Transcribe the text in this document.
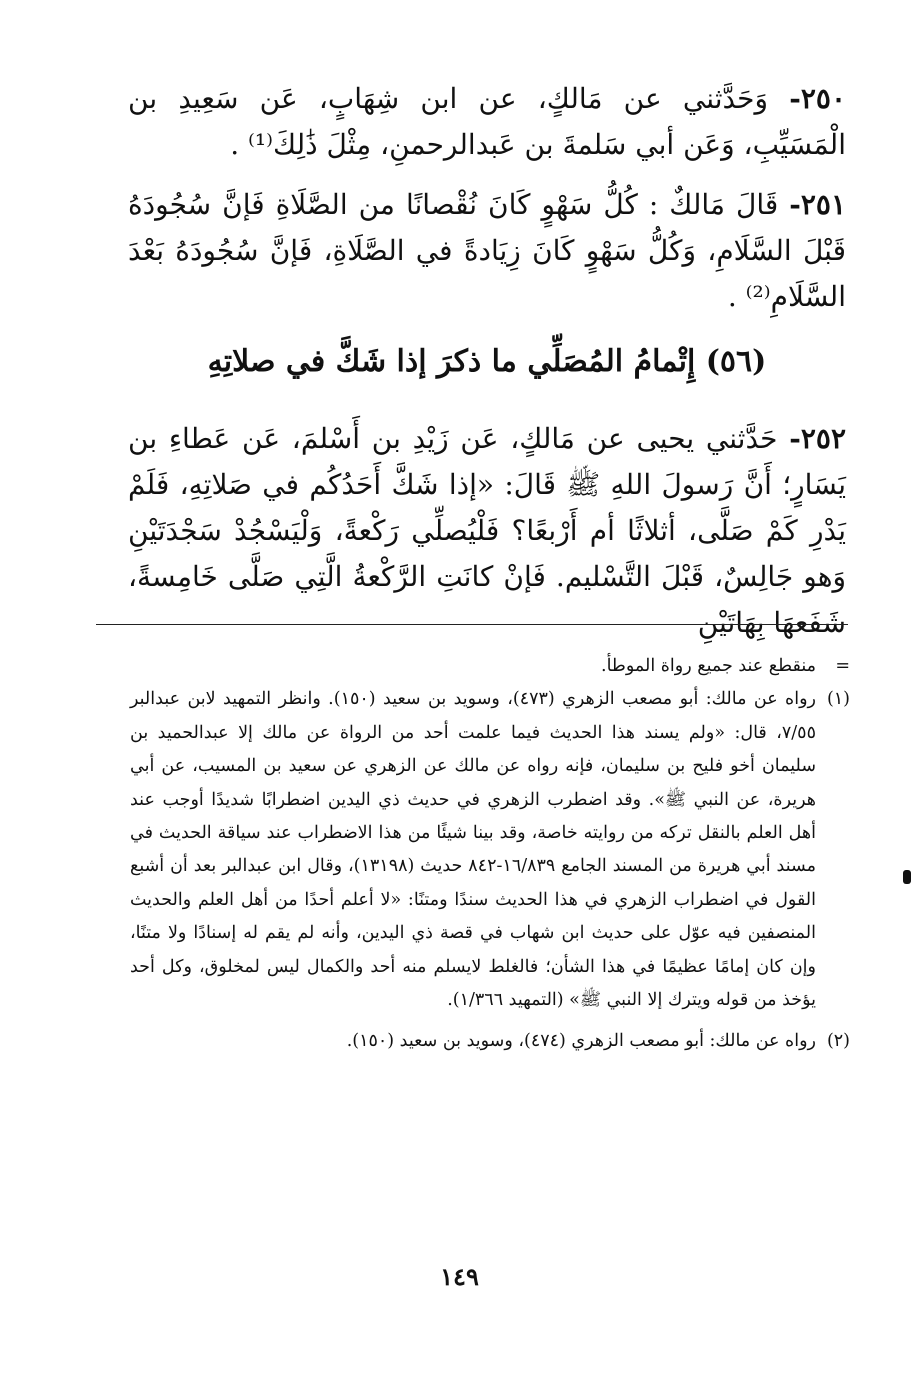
٢٥٠- وَحَدَّثني عن مَالكٍ، عن ابن شِهَابٍ، عَن سَعِيدِ بن الْمَسَيِّبِ، وَعَن أبي سَلمةَ بن عَبدالرحمنِ، مِثْلَ ذَٰلِكَ⁽¹⁾ .

٢٥١- قَالَ مَالكٌ : كُلُّ سَهْوٍ كَانَ نُقْصانًا من الصَّلَاةِ فَإنَّ سُجُودَهُ قَبْلَ السَّلَامِ، وَكُلُّ سَهْوٍ كَانَ زِيَادةً في الصَّلَاةِ، فَإنَّ سُجُودَهُ بَعْدَ السَّلَامِ⁽²⁾ .

(٥٦) إِتْمامُ المُصَلِّي ما ذكرَ إذا شَكَّ في صلاتِهِ

٢٥٢- حَدَّثني يحيى عن مَالكٍ، عَن زَيْدِ بن أَسْلمَ، عَن عَطاءِ بن يَسَارٍ؛ أَنَّ رَسولَ اللهِ ﷺ قَالَ: «إذا شَكَّ أَحَدُكُم في صَلاتِهِ، فَلَمْ يَدْرِ كَمْ صَلَّى، أثلاثًا أم أَرْبعًا؟ فَلْيُصلِّي رَكْعةً، وَلْيَسْجُدْ سَجْدَتَيْنِ وَهو جَالِسٌ، قَبْلَ التَّسْليم. فَإنْ كانَتِ الرَّكْعةُ الَّتِي صَلَّى خَامِسةً، شَفَعهَا بِهَاتَيْنِ

=
منقطع عند جميع رواة الموطأ.
(١)
رواه عن مالك: أبو مصعب الزهري (٤٧٣)، وسويد بن سعيد (١٥٠). وانظر التمهيد لابن عبدالبر ٧/٥٥، قال: «ولم يسند هذا الحديث فيما علمت أحد من الرواة عن مالك إلا عبدالحميد بن سليمان أخو فليح بن سليمان، فإنه رواه عن مالك عن الزهري عن سعيد بن المسيب، عن أبي هريرة، عن النبي ﷺ». وقد اضطرب الزهري في حديث ذي اليدين اضطرابًا شديدًا أوجب عند أهل العلم بالنقل تركه من روايته خاصة، وقد بينا شيئًا من هذا الاضطراب عند سياقة الحديث في مسند أبي هريرة من المسند الجامع ١٦/٨٣٩-٨٤٢ حديث (١٣١٩٨)، وقال ابن عبدالبر بعد أن أشبع القول في اضطراب الزهري في هذا الحديث سندًا ومتنًا: «لا أعلم أحدًا من أهل العلم والحديث المنصفين فيه عوّل على حديث ابن شهاب في قصة ذي اليدين، وأنه لم يقم له إسنادًا ولا متنًا، وإن كان إمامًا عظيمًا في هذا الشأن؛ فالغلط لايسلم منه أحد والكمال ليس لمخلوق، وكل أحد يؤخذ من قوله ويترك إلا النبي ﷺ» (التمهيد ١/٣٦٦).
(٢)
رواه عن مالك: أبو مصعب الزهري (٤٧٤)، وسويد بن سعيد (١٥٠).
١٤٩
